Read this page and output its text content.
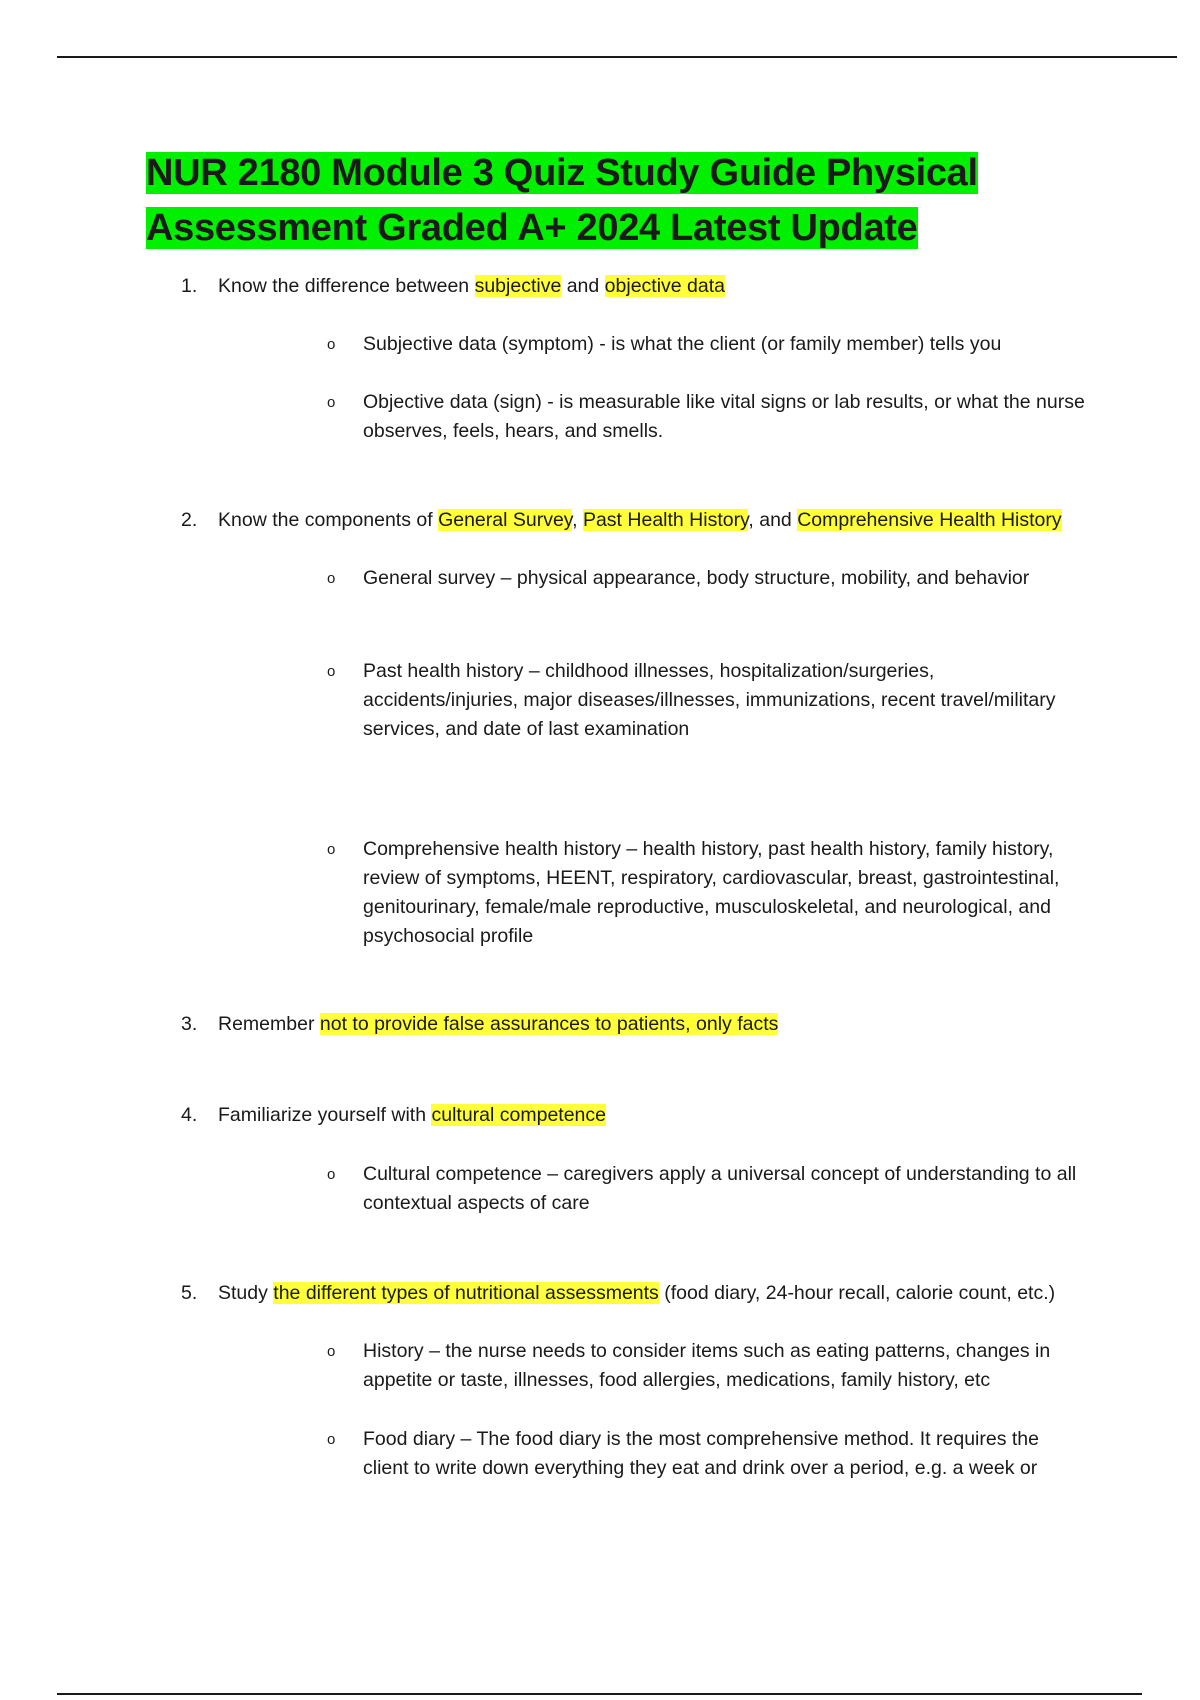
NUR 2180 Module 3 Quiz Study Guide Physical Assessment Graded A+ 2024 Latest Update

1. Know the difference between subjective and objective data

o Subjective data (symptom) - is what the client (or family member) tells you

o Objective data (sign) - is measurable like vital signs or lab results, or what the nurse observes, feels, hears, and smells.

2. Know the components of General Survey, Past Health History, and Comprehensive Health History

o General survey – physical appearance, body structure, mobility, and behavior

o Past health history – childhood illnesses, hospitalization/surgeries, accidents/injuries, major diseases/illnesses, immunizations, recent travel/military services, and date of last examination

o Comprehensive health history – health history, past health history, family history, review of symptoms, HEENT, respiratory, cardiovascular, breast, gastrointestinal, genitourinary, female/male reproductive, musculoskeletal, and neurological, and psychosocial profile

3. Remember not to provide false assurances to patients, only facts

4. Familiarize yourself with cultural competence

o Cultural competence – caregivers apply a universal concept of understanding to all contextual aspects of care

5. Study the different types of nutritional assessments (food diary, 24-hour recall, calorie count, etc.)

o History – the nurse needs to consider items such as eating patterns, changes in appetite or taste, illnesses, food allergies, medications, family history, etc

o Food diary – The food diary is the most comprehensive method. It requires the client to write down everything they eat and drink over a period, e.g. a week or
